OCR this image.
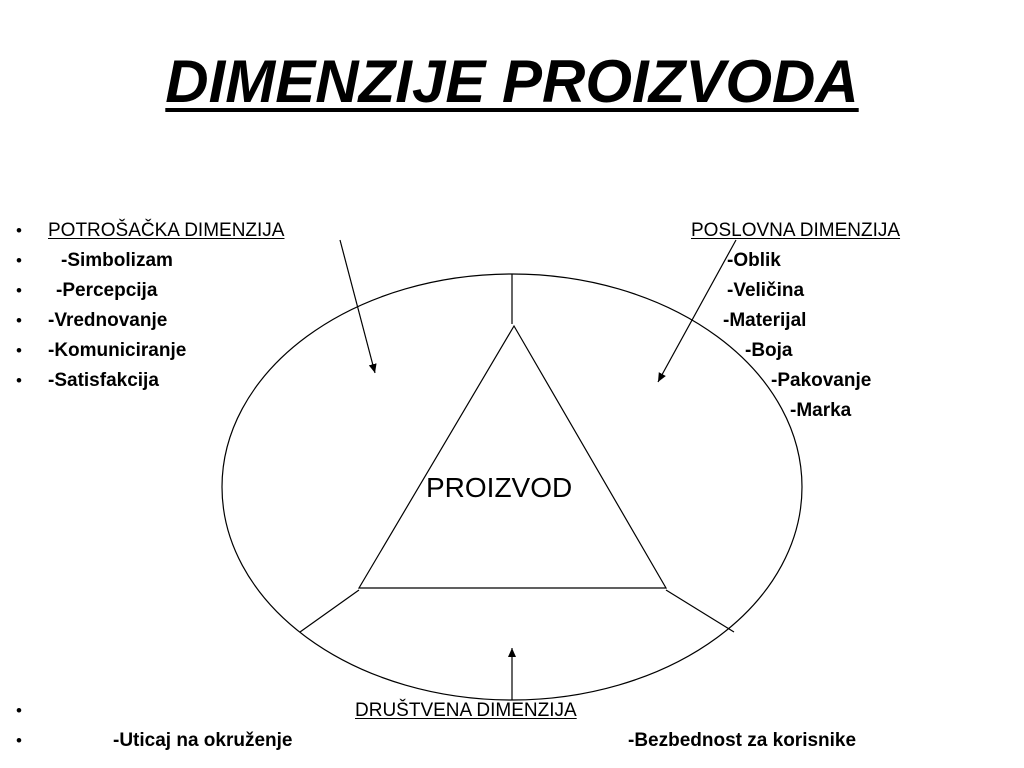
DIMENZIJE PROIZVODA
•
•
•
•
•
•
•
•
POTROŠAČKA DIMENZIJA
-Simbolizam
-Percepcija
-Vrednovanje
-Komuniciranje
-Satisfakcija
POSLOVNA DIMENZIJA
-Oblik
-Veličina
-Materijal
-Boja
-Pakovanje
-Marka
PROIZVOD
DRUŠTVENA DIMENZIJA
-Uticaj na okruženje	-Bezbednost za korisnike
